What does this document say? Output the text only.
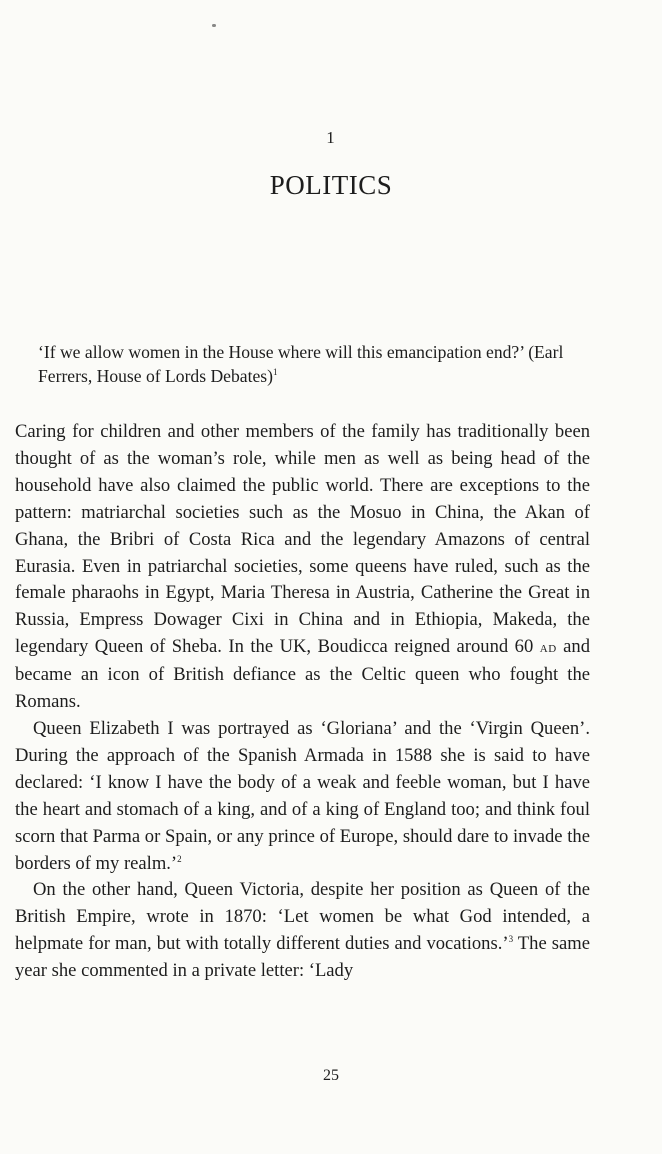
1
POLITICS

‘If we allow women in the House where will this emancipation end?’ (Earl Ferrers, House of Lords Debates)$^1$

Caring for children and other members of the family has traditionally been thought of as the woman’s role, while men as well as being head of the household have also claimed the public world. There are exceptions to the pattern: matriarchal societies such as the Mosuo in China, the Akan of Ghana, the Bribri of Costa Rica and the legendary Amazons of central Eurasia. Even in patriarchal societies, some queens have ruled, such as the female pharaohs in Egypt, Maria Theresa in Austria, Catherine the Great in Russia, Empress Dowager Cixi in China and in Ethiopia, Makeda, the legendary Queen of Sheba. In the UK, Boudicca reigned around 60 ad and became an icon of British defiance as the Celtic queen who fought the Romans.

Queen Elizabeth I was portrayed as ‘Gloriana’ and the ‘Virgin Queen’. During the approach of the Spanish Armada in 1588 she is said to have declared: ‘I know I have the body of a weak and feeble woman, but I have the heart and stomach of a king, and of a king of England too; and think foul scorn that Parma or Spain, or any prince of Europe, should dare to invade the borders of my realm.’$^2$

On the other hand, Queen Victoria, despite her position as Queen of the British Empire, wrote in 1870: ‘Let women be what God intended, a helpmate for man, but with totally different duties and vocations.’$^3$ The same year she commented in a private letter: ‘Lady

25
